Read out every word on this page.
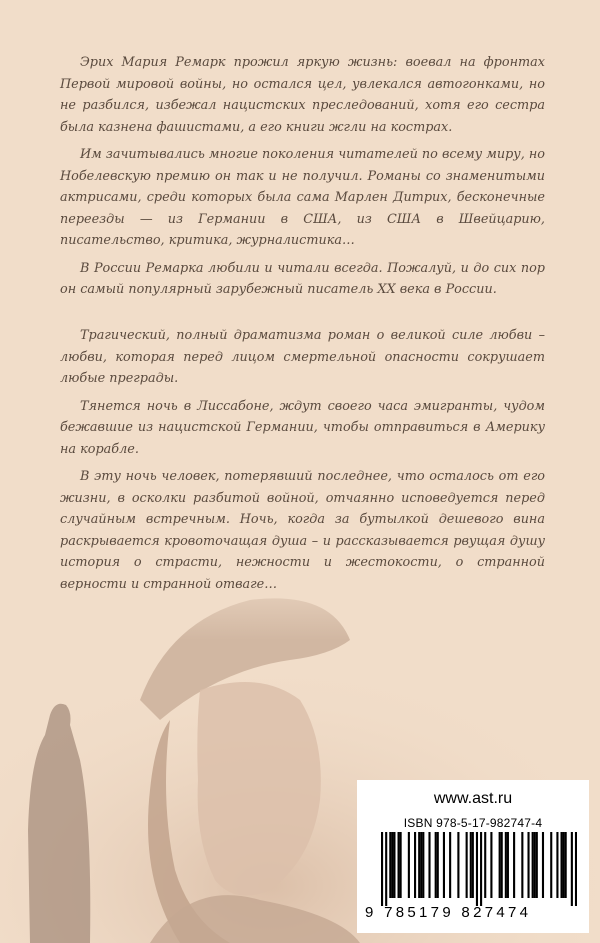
Эрих Мария Ремарк прожил яркую жизнь: воевал на фронтах Первой мировой войны, но остался цел, увлекался автогонками, но не разбился, избежал нацистских преследований, хотя его сестра была казнена фашистами, а его книги жгли на кострах.

Им зачитывались многие поколения читателей по всему миру, но Нобелевскую премию он так и не получил. Романы со знаменитыми актрисами, среди которых была сама Марлен Дитрих, бесконечные переезды — из Германии в США, из США в Швейцарию, писательство, критика, журналистика…

В России Ремарка любили и читали всегда. Пожалуй, и до сих пор он самый популярный зарубежный писатель XX века в России.

Трагический, полный драматизма роман о великой силе любви – любви, которая перед лицом смертельной опасности сокрушает любые преграды.

Тянется ночь в Лиссабоне, ждут своего часа эмигранты, чудом бежавшие из нацистской Германии, чтобы отправиться в Америку на корабле.

В эту ночь человек, потерявший последнее, что осталось от его жизни, в осколки разбитой войной, отчаянно исповедуется перед случайным встречным. Ночь, когда за бутылкой дешевого вина раскрывается кровоточащая душа – и рассказывается рвущая душу история о страсти, нежности и жестокости, о странной верности и странной отваге…

www.ast.ru
ISBN 978-5-17-982747-4
9 785179 827474
